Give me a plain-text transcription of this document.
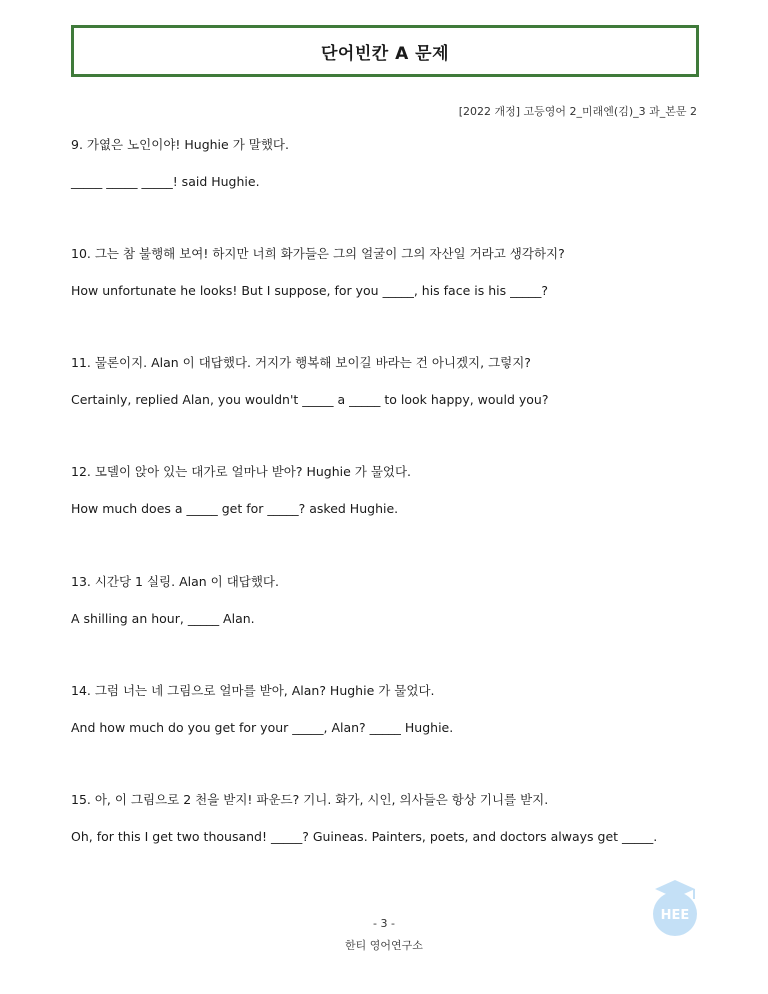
단어빈칸 A 문제
[2022 개정] 고등영어 2_미래엔(김)_3 과_본문 2
9. 가엾은 노인이야! Hughie 가 말했다.
_____ _____ _____! said Hughie.
10. 그는 참 불행해 보여! 하지만 너희 화가들은 그의 얼굴이 그의 자산일 거라고 생각하지?
How unfortunate he looks! But I suppose, for you _____, his face is his _____?
11. 물론이지. Alan 이 대답했다. 거지가 행복해 보이길 바라는 건 아니겠지, 그렇지?
Certainly, replied Alan, you wouldn't _____ a _____ to look happy, would you?
12. 모델이 앉아 있는 대가로 얼마나 받아? Hughie 가 물었다.
How much does a _____ get for _____? asked Hughie.
13. 시간당 1 실링. Alan 이 대답했다.
A shilling an hour, _____ Alan.
14. 그럼 너는 네 그림으로 얼마를 받아, Alan? Hughie 가 물었다.
And how much do you get for your _____, Alan? _____ Hughie.
15. 아, 이 그림으로 2 천을 받지! 파운드? 기니. 화가, 시인, 의사들은 항상 기니를 받지.
Oh, for this I get two thousand! _____? Guineas. Painters, poets, and doctors always get _____.
HEE
- 3 -
한티 영어연구소
